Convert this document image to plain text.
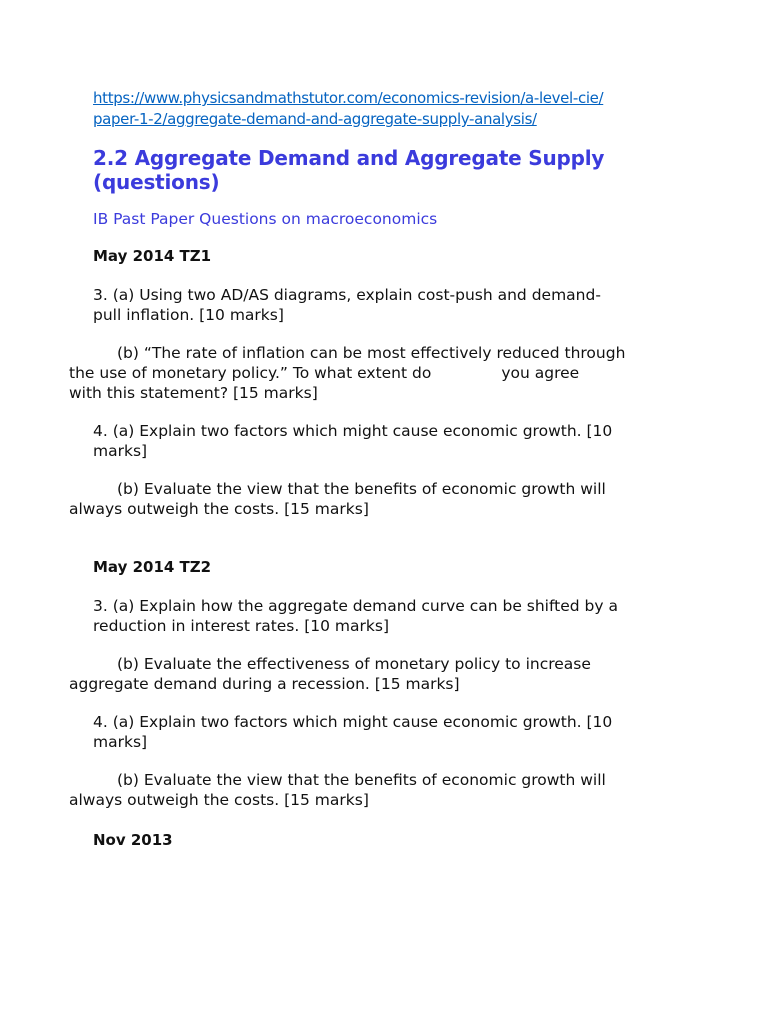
https://www.physicsandmathstutor.com/economics-revision/a-level-cie/
paper-1-2/aggregate-demand-and-aggregate-supply-analysis/
2.2 Aggregate Demand and Aggregate Supply
(questions)
IB Past Paper Questions on macroeconomics
May 2014 TZ1
3. (a) Using two AD/AS diagrams, explain cost-push and demand-
pull inflation. [10 marks]
(b) “The rate of inflation can be most effectively reduced through
the use of monetary policy.” To what extent do	you agree
with this statement? [15 marks]
4. (a) Explain two factors which might cause economic growth. [10
marks]
(b) Evaluate the view that the benefits of economic growth will
always outweigh the costs. [15 marks]
May 2014 TZ2
3. (a) Explain how the aggregate demand curve can be shifted by a
reduction in interest rates. [10 marks]
(b) Evaluate the effectiveness of monetary policy to increase
aggregate demand during a recession. [15 marks]
4. (a) Explain two factors which might cause economic growth. [10
marks]
(b) Evaluate the view that the benefits of economic growth will
always outweigh the costs. [15 marks]
Nov 2013
